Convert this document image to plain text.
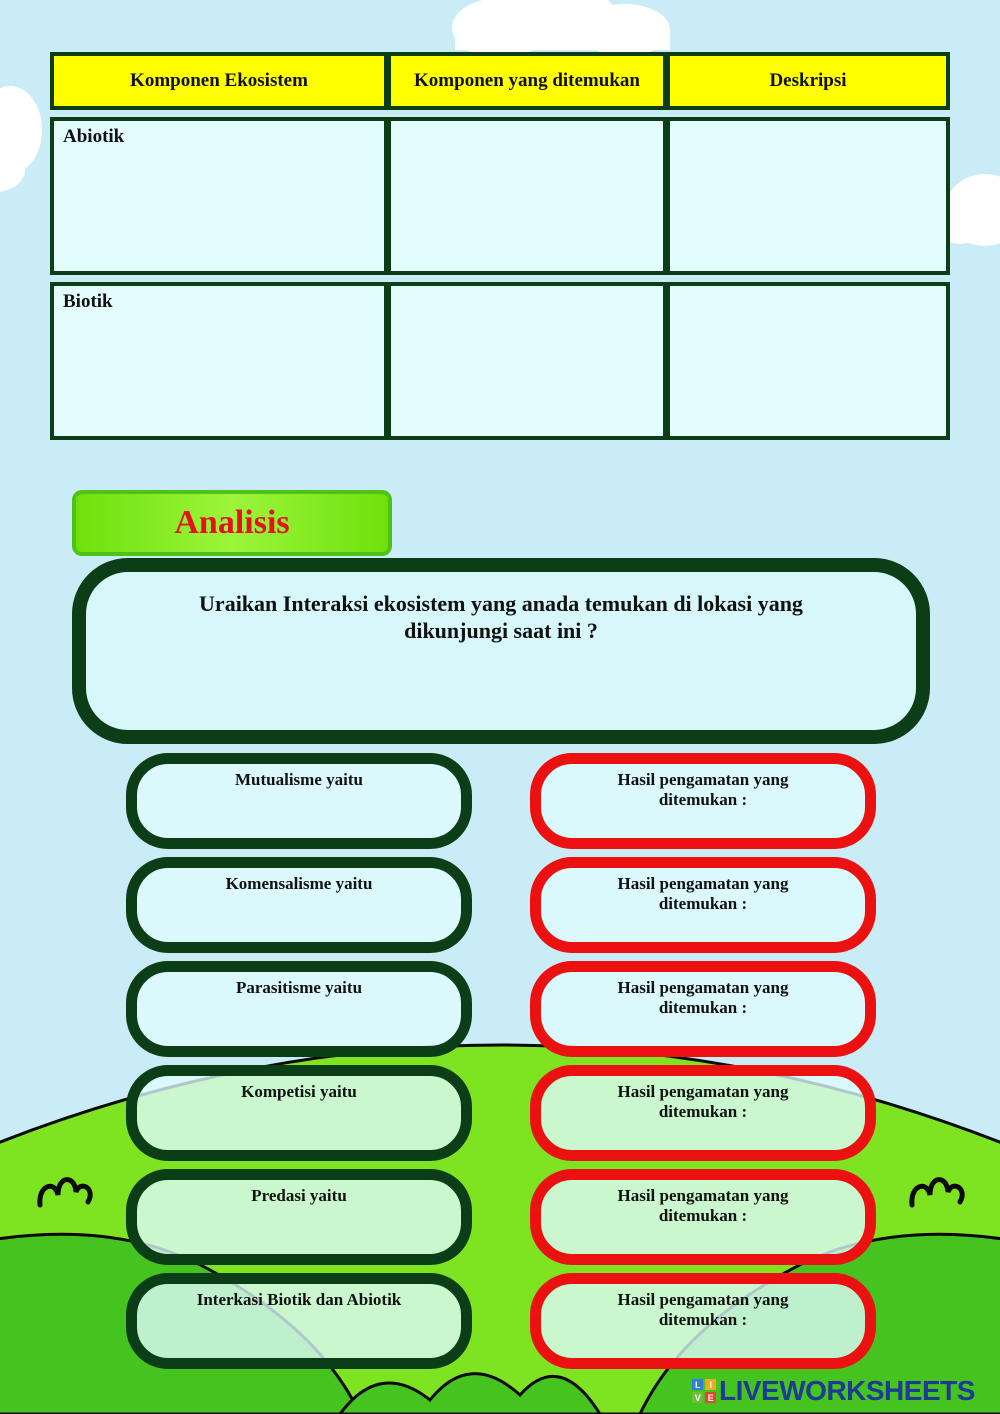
Komponen Ekosistem	Komponen yang ditemukan	Deskripsi
Abiotik
Biotik
Analisis
Uraikan Interaksi ekosistem yang anada temukan di lokasi yang dikunjungi saat ini ?
Mutualisme yaitu	Hasil pengamatan yang ditemukan :
Komensalisme yaitu	Hasil pengamatan yang ditemukan :
Parasitisme yaitu	Hasil pengamatan yang ditemukan :
Kompetisi yaitu	Hasil pengamatan yang ditemukan :
Predasi yaitu	Hasil pengamatan yang ditemukan :
Interkasi Biotik dan Abiotik	Hasil pengamatan yang ditemukan :
L I
V E LIVEWORKSHEETS
